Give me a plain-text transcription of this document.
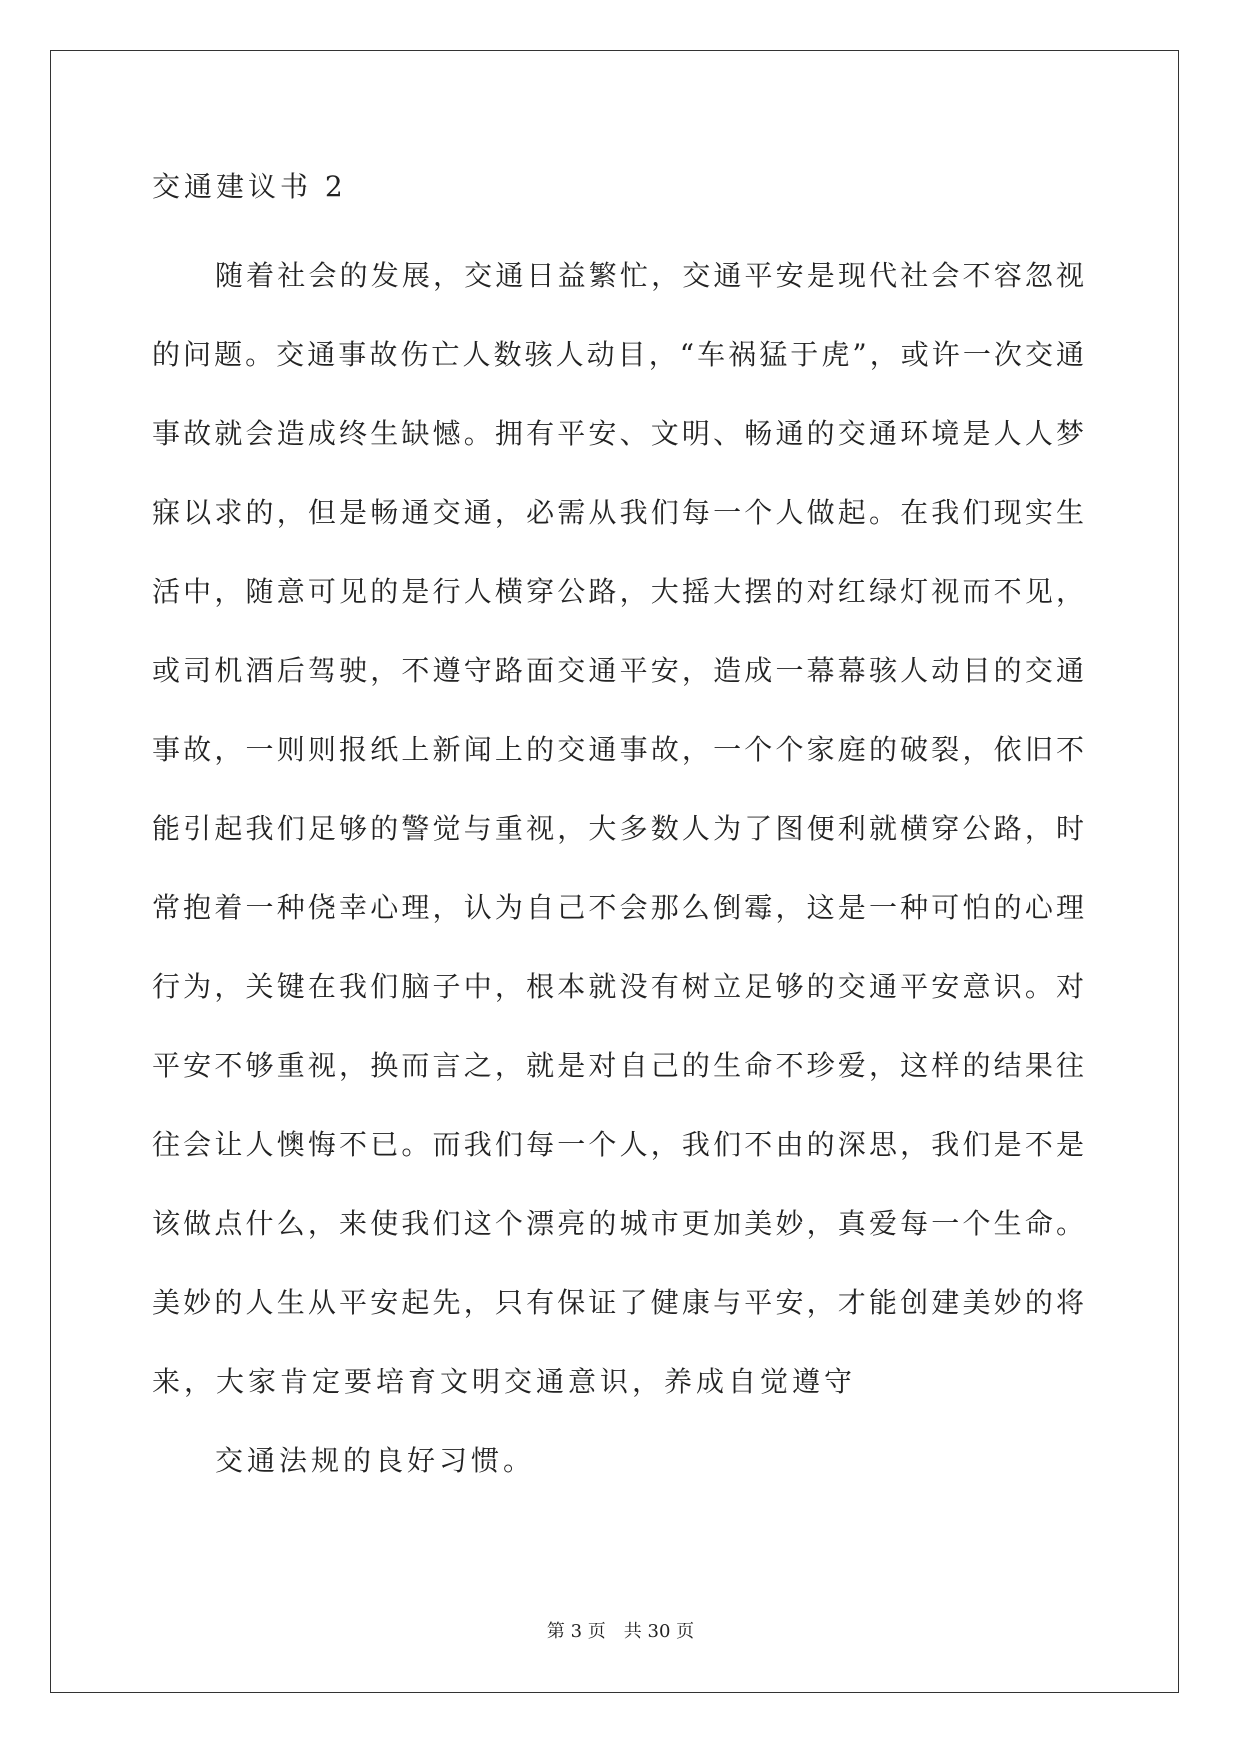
交通建议书 2
随着社会的发展，交通日益繁忙，交通平安是现代社会不容忽视
的问题。交通事故伤亡人数骇人动目，“车祸猛于虎”，或许一次交通
事故就会造成终生缺憾。拥有平安、文明、畅通的交通环境是人人梦
寐以求的，但是畅通交通，必需从我们每一个人做起。在我们现实生
活中，随意可见的是行人横穿公路，大摇大摆的对红绿灯视而不见，
或司机酒后驾驶，不遵守路面交通平安，造成一幕幕骇人动目的交通
事故，一则则报纸上新闻上的交通事故，一个个家庭的破裂，依旧不
能引起我们足够的警觉与重视，大多数人为了图便利就横穿公路，时
常抱着一种侥幸心理，认为自己不会那么倒霉，这是一种可怕的心理
行为，关键在我们脑子中，根本就没有树立足够的交通平安意识。对
平安不够重视，换而言之，就是对自己的生命不珍爱，这样的结果往
往会让人懊悔不已。而我们每一个人，我们不由的深思，我们是不是
该做点什么，来使我们这个漂亮的城市更加美妙，真爱每一个生命。
美妙的人生从平安起先，只有保证了健康与平安，才能创建美妙的将
来，大家肯定要培育文明交通意识，养成自觉遵守
交通法规的良好习惯。
第 3 页　共 30 页
